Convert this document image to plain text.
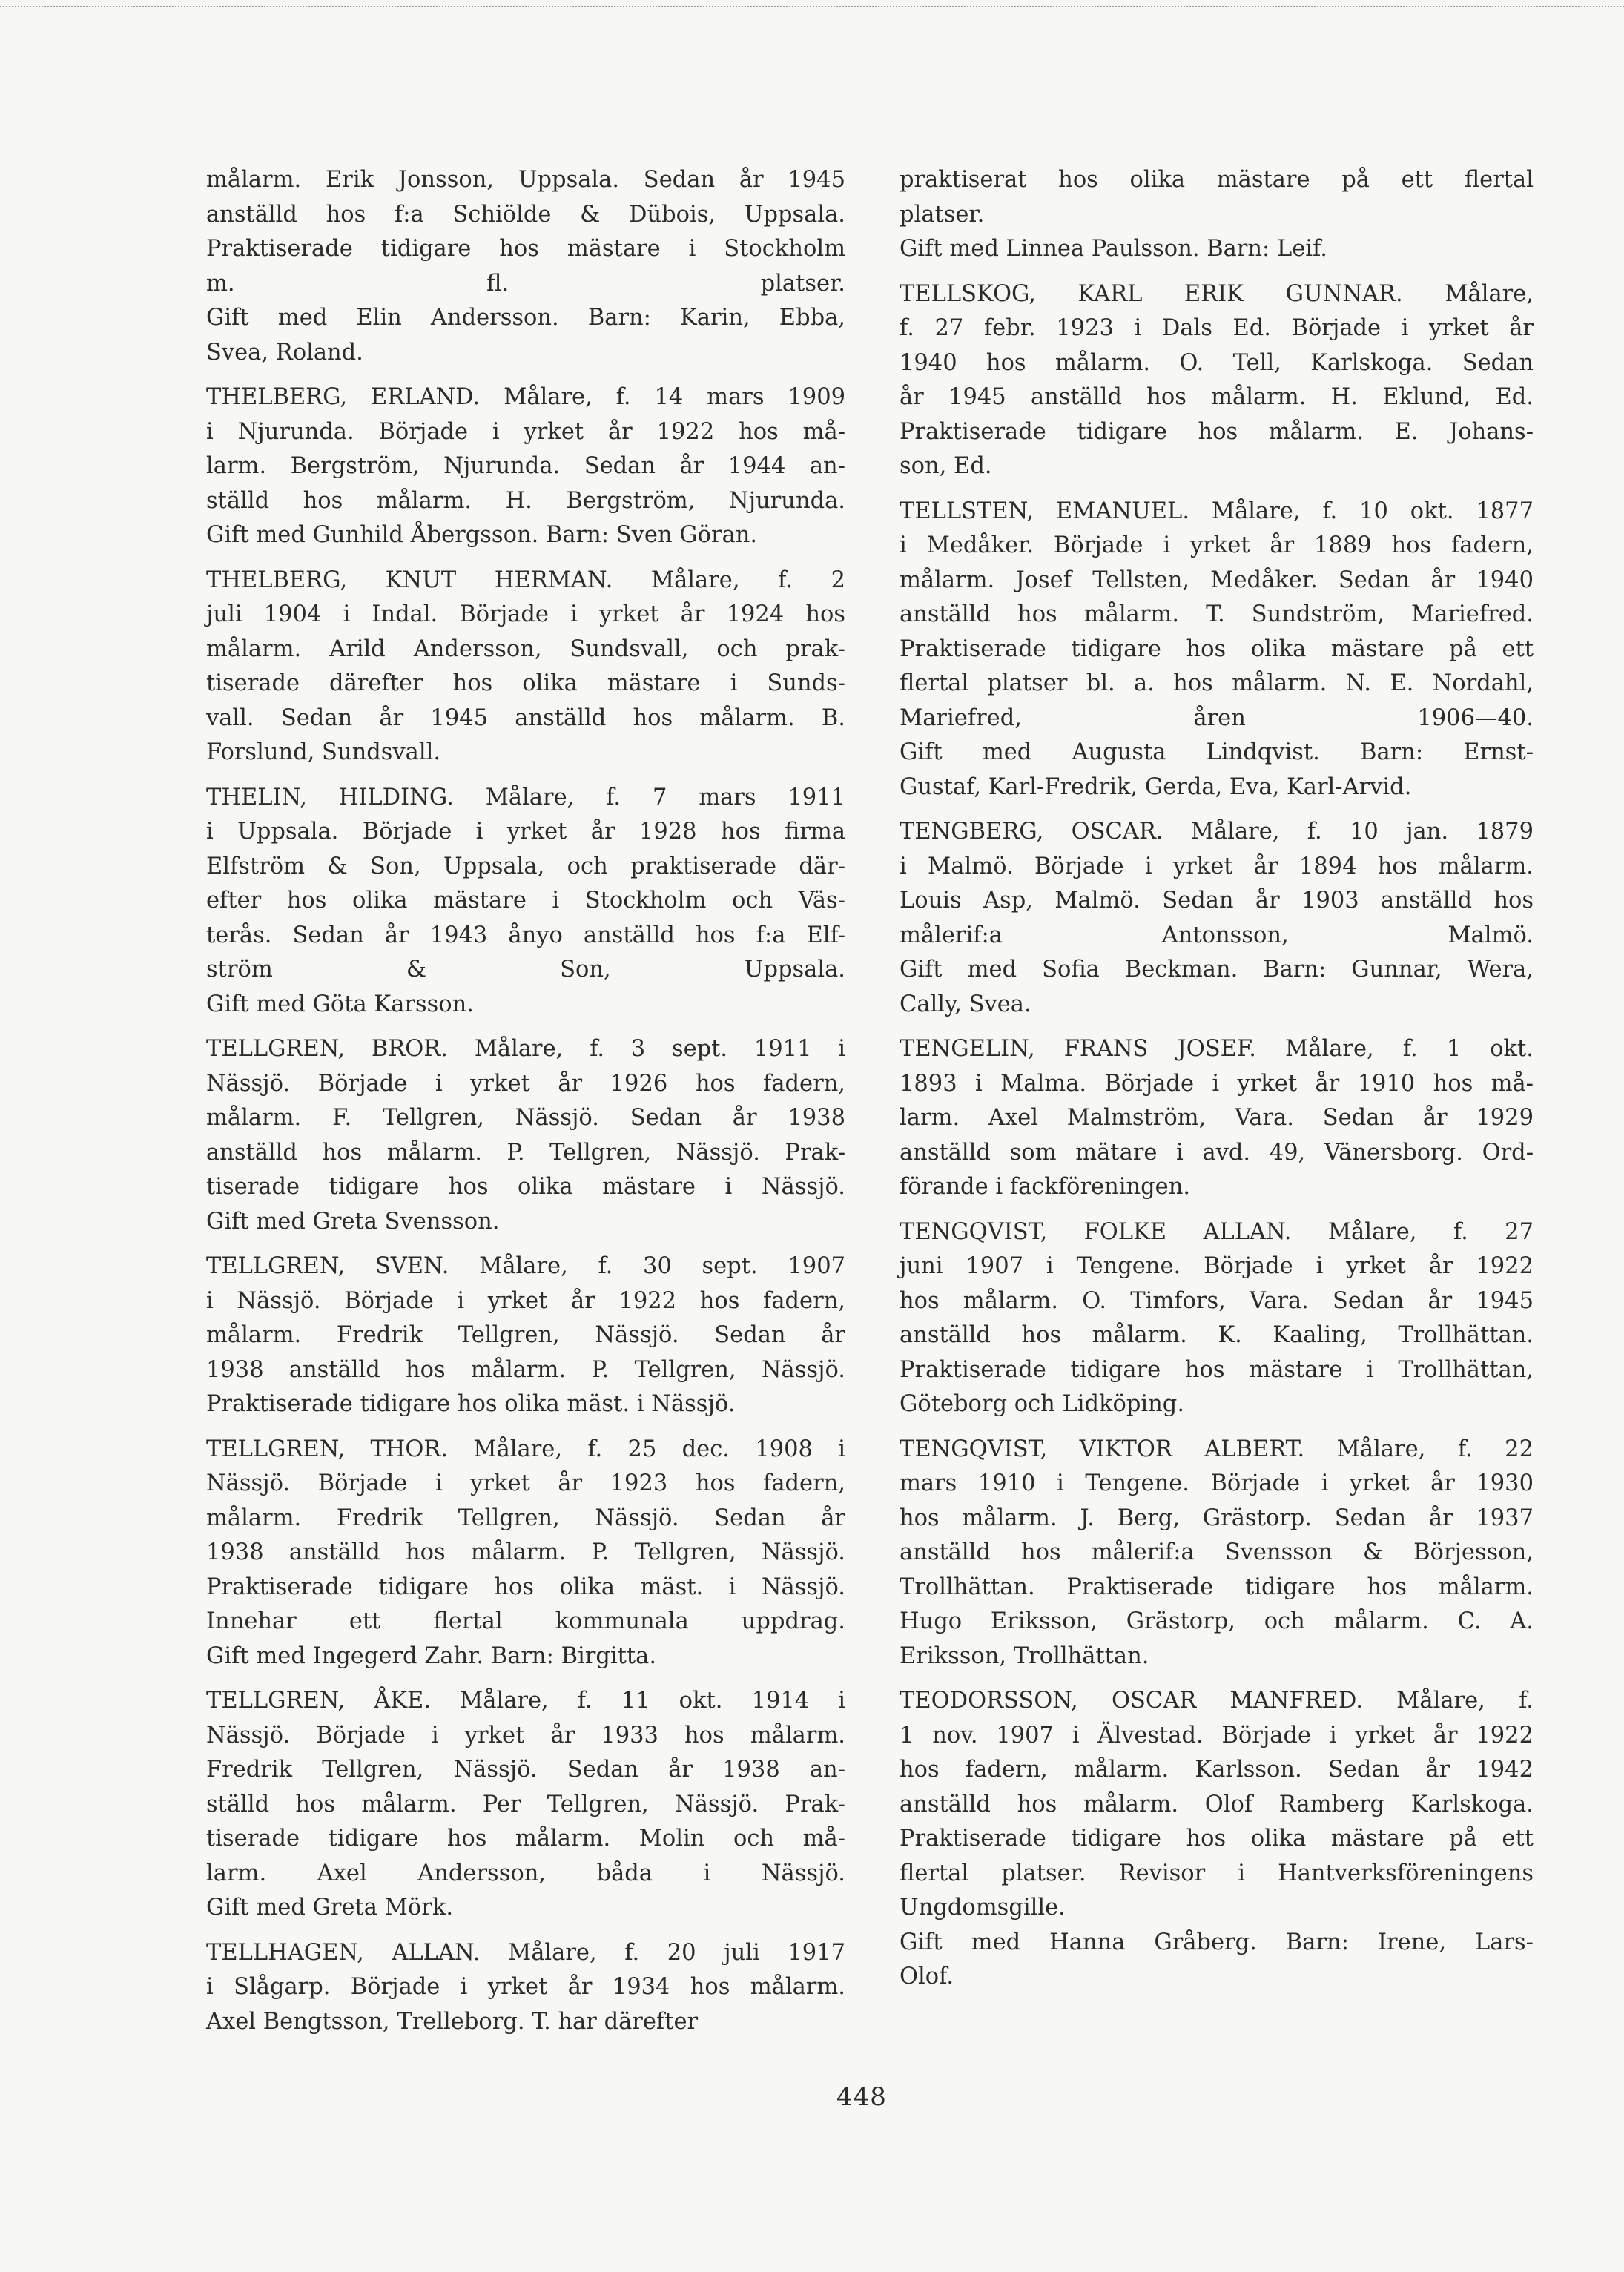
målarm. Erik Jonsson, Uppsala. Sedan år 1945
anställd hos f:a Schiölde & Dübois, Uppsala.
Praktiserade tidigare hos mästare i Stockholm
m. fl. platser.
Gift med Elin Andersson. Barn: Karin, Ebba,
Svea, Roland.
THELBERG, ERLAND. Målare, f. 14 mars 1909
i Njurunda. Började i yrket år 1922 hos må-
larm. Bergström, Njurunda. Sedan år 1944 an-
ställd hos målarm. H. Bergström, Njurunda.
Gift med Gunhild Åbergsson. Barn: Sven Göran.
THELBERG, KNUT HERMAN. Målare, f. 2
juli 1904 i Indal. Började i yrket år 1924 hos
målarm. Arild Andersson, Sundsvall, och prak-
tiserade därefter hos olika mästare i Sunds-
vall. Sedan år 1945 anställd hos målarm. B.
Forslund, Sundsvall.
THELIN, HILDING. Målare, f. 7 mars 1911
i Uppsala. Började i yrket år 1928 hos firma
Elfström & Son, Uppsala, och praktiserade där-
efter hos olika mästare i Stockholm och Väs-
terås. Sedan år 1943 ånyo anställd hos f:a Elf-
ström & Son, Uppsala.
Gift med Göta Karsson.
TELLGREN, BROR. Målare, f. 3 sept. 1911 i
Nässjö. Började i yrket år 1926 hos fadern,
målarm. F. Tellgren, Nässjö. Sedan år 1938
anställd hos målarm. P. Tellgren, Nässjö. Prak-
tiserade tidigare hos olika mästare i Nässjö.
Gift med Greta Svensson.
TELLGREN, SVEN. Målare, f. 30 sept. 1907
i Nässjö. Började i yrket år 1922 hos fadern,
målarm. Fredrik Tellgren, Nässjö. Sedan år
1938 anställd hos målarm. P. Tellgren, Nässjö.
Praktiserade tidigare hos olika mäst. i Nässjö.
TELLGREN, THOR. Målare, f. 25 dec. 1908 i
Nässjö. Började i yrket år 1923 hos fadern,
målarm. Fredrik Tellgren, Nässjö. Sedan år
1938 anställd hos målarm. P. Tellgren, Nässjö.
Praktiserade tidigare hos olika mäst. i Nässjö.
Innehar ett flertal kommunala uppdrag.
Gift med Ingegerd Zahr. Barn: Birgitta.
TELLGREN, ÅKE. Målare, f. 11 okt. 1914 i
Nässjö. Började i yrket år 1933 hos målarm.
Fredrik Tellgren, Nässjö. Sedan år 1938 an-
ställd hos målarm. Per Tellgren, Nässjö. Prak-
tiserade tidigare hos målarm. Molin och må-
larm. Axel Andersson, båda i Nässjö.
Gift med Greta Mörk.
TELLHAGEN, ALLAN. Målare, f. 20 juli 1917
i Slågarp. Började i yrket år 1934 hos målarm.
Axel Bengtsson, Trelleborg. T. har därefter
praktiserat hos olika mästare på ett flertal
platser.
Gift med Linnea Paulsson. Barn: Leif.
TELLSKOG, KARL ERIK GUNNAR. Målare,
f. 27 febr. 1923 i Dals Ed. Började i yrket år
1940 hos målarm. O. Tell, Karlskoga. Sedan
år 1945 anställd hos målarm. H. Eklund, Ed.
Praktiserade tidigare hos målarm. E. Johans-
son, Ed.
TELLSTEN, EMANUEL. Målare, f. 10 okt. 1877
i Medåker. Började i yrket år 1889 hos fadern,
målarm. Josef Tellsten, Medåker. Sedan år 1940
anställd hos målarm. T. Sundström, Mariefred.
Praktiserade tidigare hos olika mästare på ett
flertal platser bl. a. hos målarm. N. E. Nordahl,
Mariefred, åren 1906—40.
Gift med Augusta Lindqvist. Barn: Ernst-
Gustaf, Karl-Fredrik, Gerda, Eva, Karl-Arvid.
TENGBERG, OSCAR. Målare, f. 10 jan. 1879
i Malmö. Började i yrket år 1894 hos målarm.
Louis Asp, Malmö. Sedan år 1903 anställd hos
målerif:a Antonsson, Malmö.
Gift med Sofia Beckman. Barn: Gunnar, Wera,
Cally, Svea.
TENGELIN, FRANS JOSEF. Målare, f. 1 okt.
1893 i Malma. Började i yrket år 1910 hos må-
larm. Axel Malmström, Vara. Sedan år 1929
anställd som mätare i avd. 49, Vänersborg. Ord-
förande i fackföreningen.
TENGQVIST, FOLKE ALLAN. Målare, f. 27
juni 1907 i Tengene. Började i yrket år 1922
hos målarm. O. Timfors, Vara. Sedan år 1945
anställd hos målarm. K. Kaaling, Trollhättan.
Praktiserade tidigare hos mästare i Trollhättan,
Göteborg och Lidköping.
TENGQVIST, VIKTOR ALBERT. Målare, f. 22
mars 1910 i Tengene. Började i yrket år 1930
hos målarm. J. Berg, Grästorp. Sedan år 1937
anställd hos målerif:a Svensson & Börjesson,
Trollhättan. Praktiserade tidigare hos målarm.
Hugo Eriksson, Grästorp, och målarm. C. A.
Eriksson, Trollhättan.
TEODORSSON, OSCAR MANFRED. Målare, f.
1 nov. 1907 i Älvestad. Började i yrket år 1922
hos fadern, målarm. Karlsson. Sedan år 1942
anställd hos målarm. Olof Ramberg Karlskoga.
Praktiserade tidigare hos olika mästare på ett
flertal platser. Revisor i Hantverksföreningens
Ungdomsgille.
Gift med Hanna Gråberg. Barn: Irene, Lars-
Olof.
448
